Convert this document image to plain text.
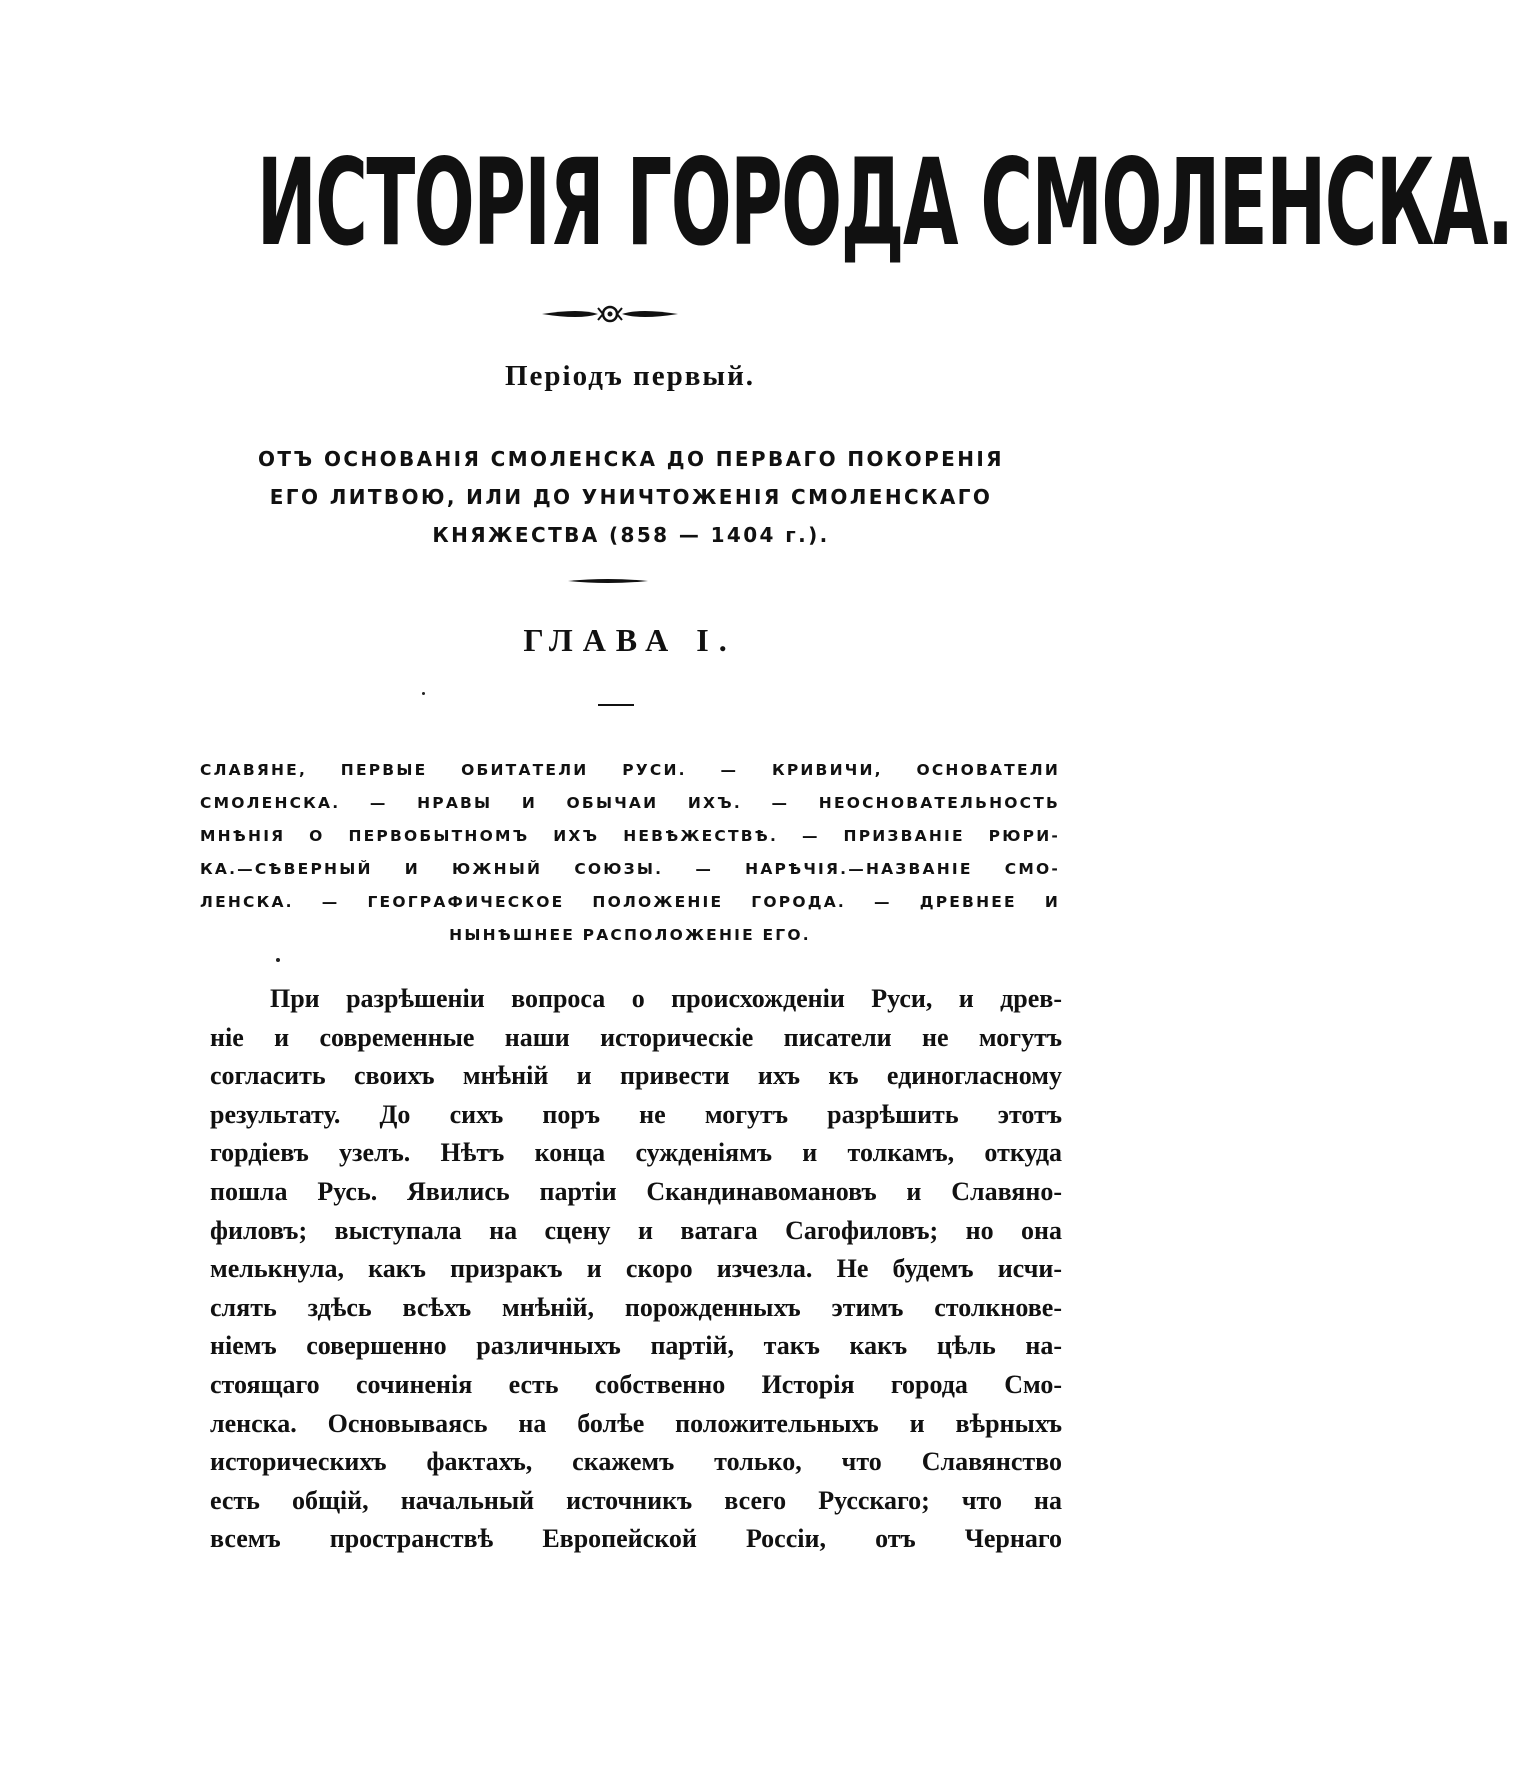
ИСТОРІЯ ГОРОДА СМОЛЕНСКА.
Періодъ первый.
ОТЪ ОСНОВАНІЯ СМОЛЕНСКА ДО ПЕРВАГО ПОКОРЕНІЯ
ЕГО ЛИТВОЮ, ИЛИ ДО УНИЧТОЖЕНІЯ СМОЛЕНСКАГО
КНЯЖЕСТВА (858 — 1404 г.).
ГЛАВА I.
СЛАВЯНЕ, ПЕРВЫЕ ОБИТАТЕЛИ РУСИ. — КРИВИЧИ, ОСНОВАТЕЛИ
СМОЛЕНСКА. — НРАВЫ И ОБЫЧАИ ИХЪ. — НЕОСНОВАТЕЛЬНОСТЬ
МНѢНІЯ О ПЕРВОБЫТНОМЪ ИХЪ НЕВѢЖЕСТВѢ. — ПРИЗВАНІЕ РЮРИ-
КА.—СѢВЕРНЫЙ И ЮЖНЫЙ СОЮЗЫ. — НАРѢЧІЯ.—НАЗВАНІЕ СМО-
ЛЕНСКА. — ГЕОГРАФИЧЕСКОЕ ПОЛОЖЕНІЕ ГОРОДА. — ДРЕВНЕЕ И
НЫНѢШНЕЕ РАСПОЛОЖЕНІЕ ЕГО.
При разрѣшеніи вопроса о происхожденіи Руси, и древ-
ніе и современные наши историческіе писатели не могутъ
согласить своихъ мнѣній и привести ихъ къ единогласному
результату. До сихъ поръ не могутъ разрѣшить этотъ
гордіевъ узелъ. Нѣтъ конца сужденіямъ и толкамъ, откуда
пошла Русь. Явились партіи Скандинавомановъ и Славяно-
филовъ; выступала на сцену и ватага Сагофиловъ; но она
мелькнула, какъ призракъ и скоро изчезла. Не будемъ исчи-
слять здѣсь всѣхъ мнѣній, порожденныхъ этимъ столкнове-
ніемъ совершенно различныхъ партій, такъ какъ цѣль на-
стоящаго сочиненія есть собственно Исторія города Смо-
ленска. Основываясь на болѣе положительныхъ и вѣрныхъ
историческихъ фактахъ, скажемъ только, что Славянство
есть общій, начальный источникъ всего Русскаго; что на
всемъ пространствѣ Европейской Россіи, отъ Чернаго
